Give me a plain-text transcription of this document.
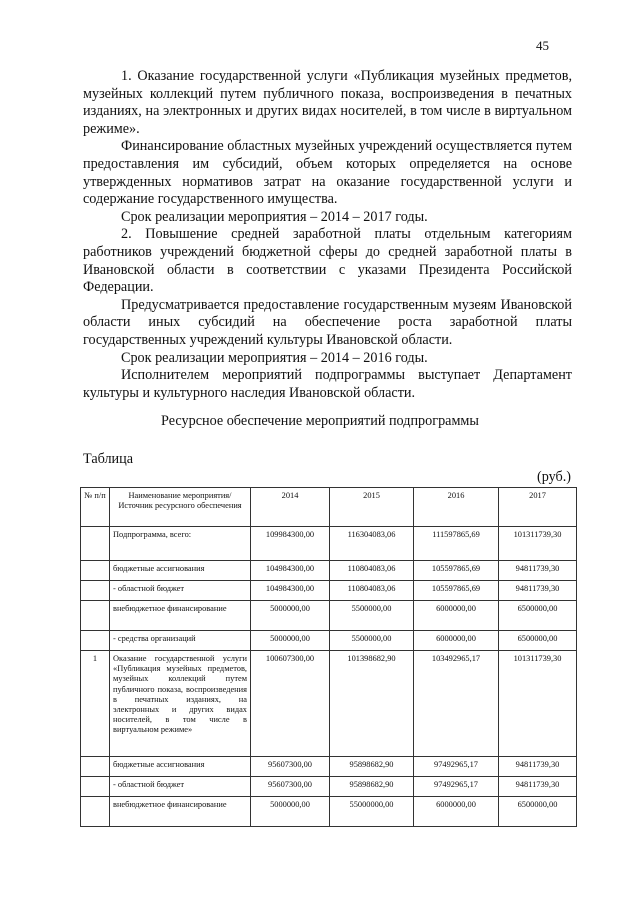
45

1. Оказание государственной услуги «Публикация музейных предметов, музейных коллекций путем публичного показа, воспроизведения в печатных изданиях, на электронных и других видах носителей, в том числе в виртуальном режиме».

Финансирование областных музейных учреждений осуществляется путем предоставления им субсидий, объем которых определяется на основе утвержденных нормативов затрат на оказание государственной услуги и содержание государственного имущества.

Срок реализации мероприятия – 2014 – 2017 годы.

2. Повышение средней заработной платы отдельным категориям работников учреждений бюджетной сферы до средней заработной платы в Ивановской области в соответствии с указами Президента Российской Федерации.

Предусматривается предоставление государственным музеям Ивановской области иных субсидий на обеспечение роста заработной платы государственных учреждений культуры Ивановской области.

Срок реализации мероприятия – 2014 – 2016 годы.

Исполнителем мероприятий подпрограммы выступает Департамент культуры и культурного наследия Ивановской области.

Ресурсное обеспечение мероприятий подпрограммы
Таблица
(руб.)
№ п/п	Наименование мероприятия/Источник ресурсного обеспечения	2014	2015	2016	2017
	Подпрограмма, всего:	109984300,00	116304083,06	111597865,69	101311739,30
	бюджетные ассигнования	104984300,00	110804083,06	105597865,69	94811739,30
	- областной бюджет	104984300,00	110804083,06	105597865,69	94811739,30
	внебюджетное финансирование	5000000,00	5500000,00	6000000,00	6500000,00
	- средства организаций	5000000,00	5500000,00	6000000,00	6500000,00
1	Оказание государственной услуги «Публикация музейных предметов, музейных коллекций путем публичного показа, воспроизведения в печатных изданиях, на электронных и других видах носителей, в том числе в виртуальном режиме»	100607300,00	101398682,90	103492965,17	101311739,30
	бюджетные ассигнования	95607300,00	95898682,90	97492965,17	94811739,30
	- областной бюджет	95607300,00	95898682,90	97492965,17	94811739,30
	внебюджетное финансирование	5000000,00	55000000,00	6000000,00	6500000,00
